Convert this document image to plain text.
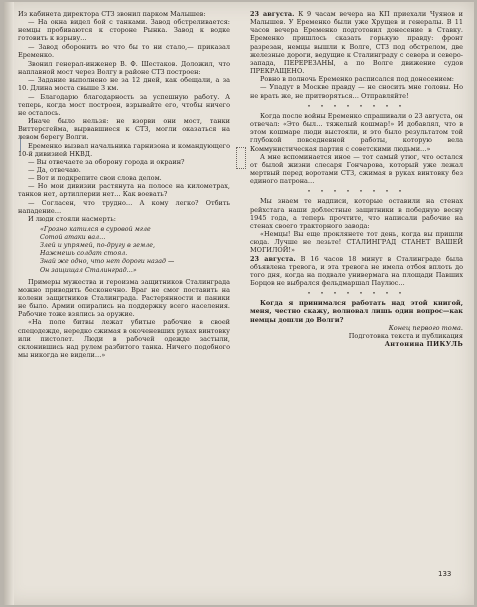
Из кабинета директора СТЗ звонил парком Малышев:

— На окна видел бой с танками. Завод обстреливается: немцы пробиваются к стороне Рынка. Завод к водке готовить к взрыву…

— Завод оборонить во что бы то ни стало,— приказал Еременко.

Звонил генерал-инженер В. Ф. Шестаков. Доложил, что наплавной мост через Волгу в районе СТЗ построен:

— Задание выполнено не за 12 дней, как обещали, а за 10. Длина моста свыше 3 км.

— Благодарю благодарность за успешную работу. А теперь, когда мост построен, взрывайте его, чтобы ничего не осталось.

Иначе было нельзя: не взорви они мост, танки Виттерсгейма, вырвавшиеся к СТЗ, могли оказаться на левом берегу Волги.

Еременко вызвал начальника гарнизона и командующего 10-й дивизией НКВД.

— Вы отвечаете за оборону города и окраин?

— Да, отвечаю.

— Вот и подкрепите свои слова делом.

— Но мои дивизии растянута на полосе на километрах, танков нет, артиллерии нет… Как воевать?

— Согласен, что трудно… А кому легко? Отбить нападение…

И люди стояли насмерть:

«Грозно катился в суровой мгле
Сотой атаки вал…
Злей и упрямей, по-другу в земле,
Нажмешь солдат стоял.
Знай же одно, что нет дороги назад —
Он защищал Сталинград…»

Примеры мужества и героизма защитников Сталинграда можно приводить бесконечно. Враг не смог поставить на колени защитников Сталинграда. Растерянности и паники не было. Армии опирались на поддержку всего населения. Рабочие тоже взялись за оружие.

«На поле битвы лежат убитые рабочие в своей спецодежде, нередко сжимая в окоченевших руках винтовку или пистолет. Люди в рабочей одежде застыли, склонившись над рулем разбитого танка. Ничего подобного мы никогда не видели…»

23 августа. К 9 часам вечера на КП приехали Чуянов и Малышев. У Еременко были уже Хрущев и генералы. В 11 часов вечера Еременко подготовил донесение в Ставку. Еременко пришлось сказать горькую правду: фронт разрезан, немцы вышли к Волге, СТЗ под обстрелом, две железные дороги, ведущие к Сталинграду с севера и северо-запада, ПЕРЕРЕЗАНЫ, а по Волге движение судов ПРЕКРАЩЕНО.

Ровно в полночь Еременко расписался под донесением:

— Упадут в Москве правду — не сносить мне головы. Но не врать же, не притворяться… Отправляйте!

• • • • • • • •

Когда после войны Еременко спрашивали о 23 августа, он отвечал: «Это был… тяжелый кошмар!» И добавлял, что в этом кошмаре люди выстояли, и это было результатом той глубокой повседневной работы, которую вела Коммунистическая партия с советскими людьми…»

А мне вспоминается иное — тот самый утюг, что остался от былой жизни слесаря Гончарова, который уже лежал мертвый перед воротами СТЗ, сжимая в руках винтовку без единого патрона…

• • • • • • • •

Мы знаем те надписи, которые оставили на стенах рейхстага наши доблестные защитники в победную весну 1945 года, а теперь прочтите, что написали рабочие на стенах своего тракторного завода:

«Немцы! Вы еще проклянете тот день, когда вы пришли сюда. Лучше не лезьте! СТАЛИНГРАД СТАНЕТ ВАШЕЙ МОГИЛОЙ!»

23 августа. В 16 часов 18 минут в Сталинграде была объявлена тревога, и эта тревога не имела отбоя вплоть до того дня, когда на подвале универмага на площади Павших Борцов не выбрался фельдмаршал Паулюс…

• • • • • • • •

Когда я принимался работать над этой книгой, меня, честно скажу, волновал лишь один вопрос—как немцы дошли до Волги?

Конец первого тома.

Подготовка текста и публикация

Антонина ПИКУЛЬ

133
